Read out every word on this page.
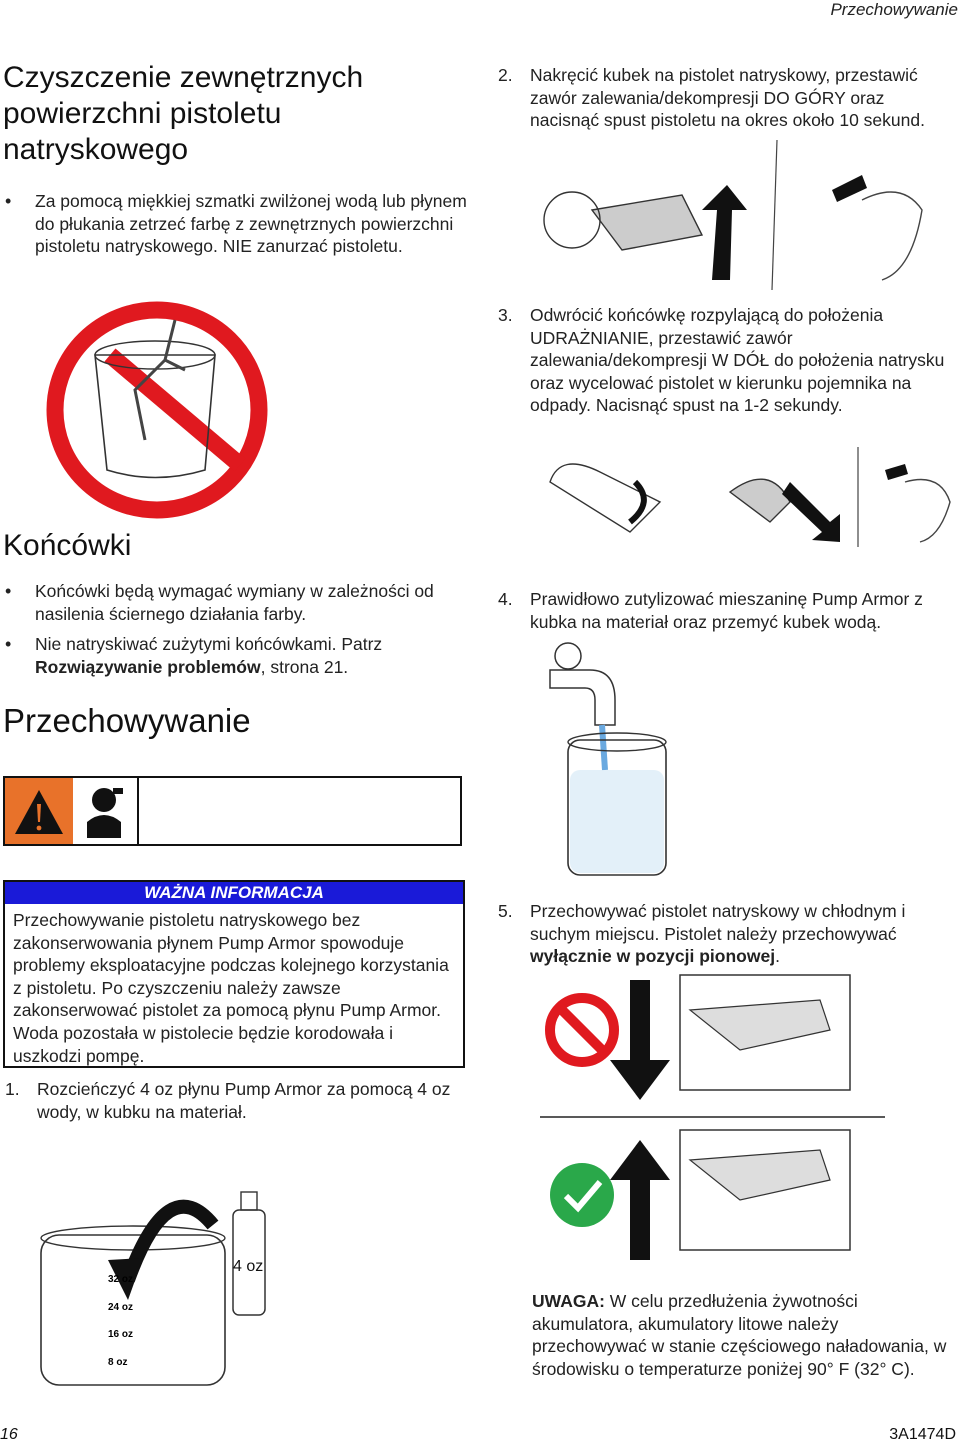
Przechowywanie
Czyszczenie zewnętrznych powierzchni pistoletu natryskowego
• Za pomocą miękkiej szmatki zwilżonej wodą lub płynem do płukania zetrzeć farbę z zewnętrznych powierzchni pistoletu natryskowego. NIE zanurzać pistoletu.
Końcówki
• Końcówki będą wymagać wymiany w zależności od nasilenia ściernego działania farby.
• Nie natryskiwać zużytymi końcówkami. Patrz
Rozwiązywanie problemów, strona 21.
Przechowywanie
WAŻNA INFORMACJA
Przechowywanie pistoletu natryskowego bez zakonserwowania płynem Pump Armor spowoduje problemy eksploatacyjne podczas kolejnego korzystania z pistoletu. Po czyszczeniu należy zawsze zakonserwować pistolet za pomocą płynu Pump Armor. Woda pozostała w pistolecie będzie korodowała i uszkodzi pompę.
1. Rozcieńczyć 4 oz płynu Pump Armor za pomocą 4 oz wody, w kubku na materiał.
32 oz
24 oz
16 oz
8 oz
4 oz
2. Nakręcić kubek na pistolet natryskowy, przestawić zawór zalewania/dekompresji DO GÓRY oraz nacisnąć spust pistoletu na okres około 10 sekund.
3. Odwrócić końcówkę rozpylającą do położenia UDRAŻNIANIE, przestawić zawór zalewania/dekompresji W DÓŁ do położenia natrysku oraz wycelować pistolet w kierunku pojemnika na odpady. Nacisnąć spust na 1-2 sekundy.
4. Prawidłowo zutylizować mieszaninę Pump Armor z kubka na materiał oraz przemyć kubek wodą.
5. Przechowywać pistolet natryskowy w chłodnym i suchym miejscu. Pistolet należy przechowywać wyłącznie w pozycji pionowej.
UWAGA: W celu przedłużenia żywotności akumulatora, akumulatory litowe należy przechowywać w stanie częściowego naładowania, w środowisku o temperaturze poniżej 90° F (32° C).
16	3A1474D
